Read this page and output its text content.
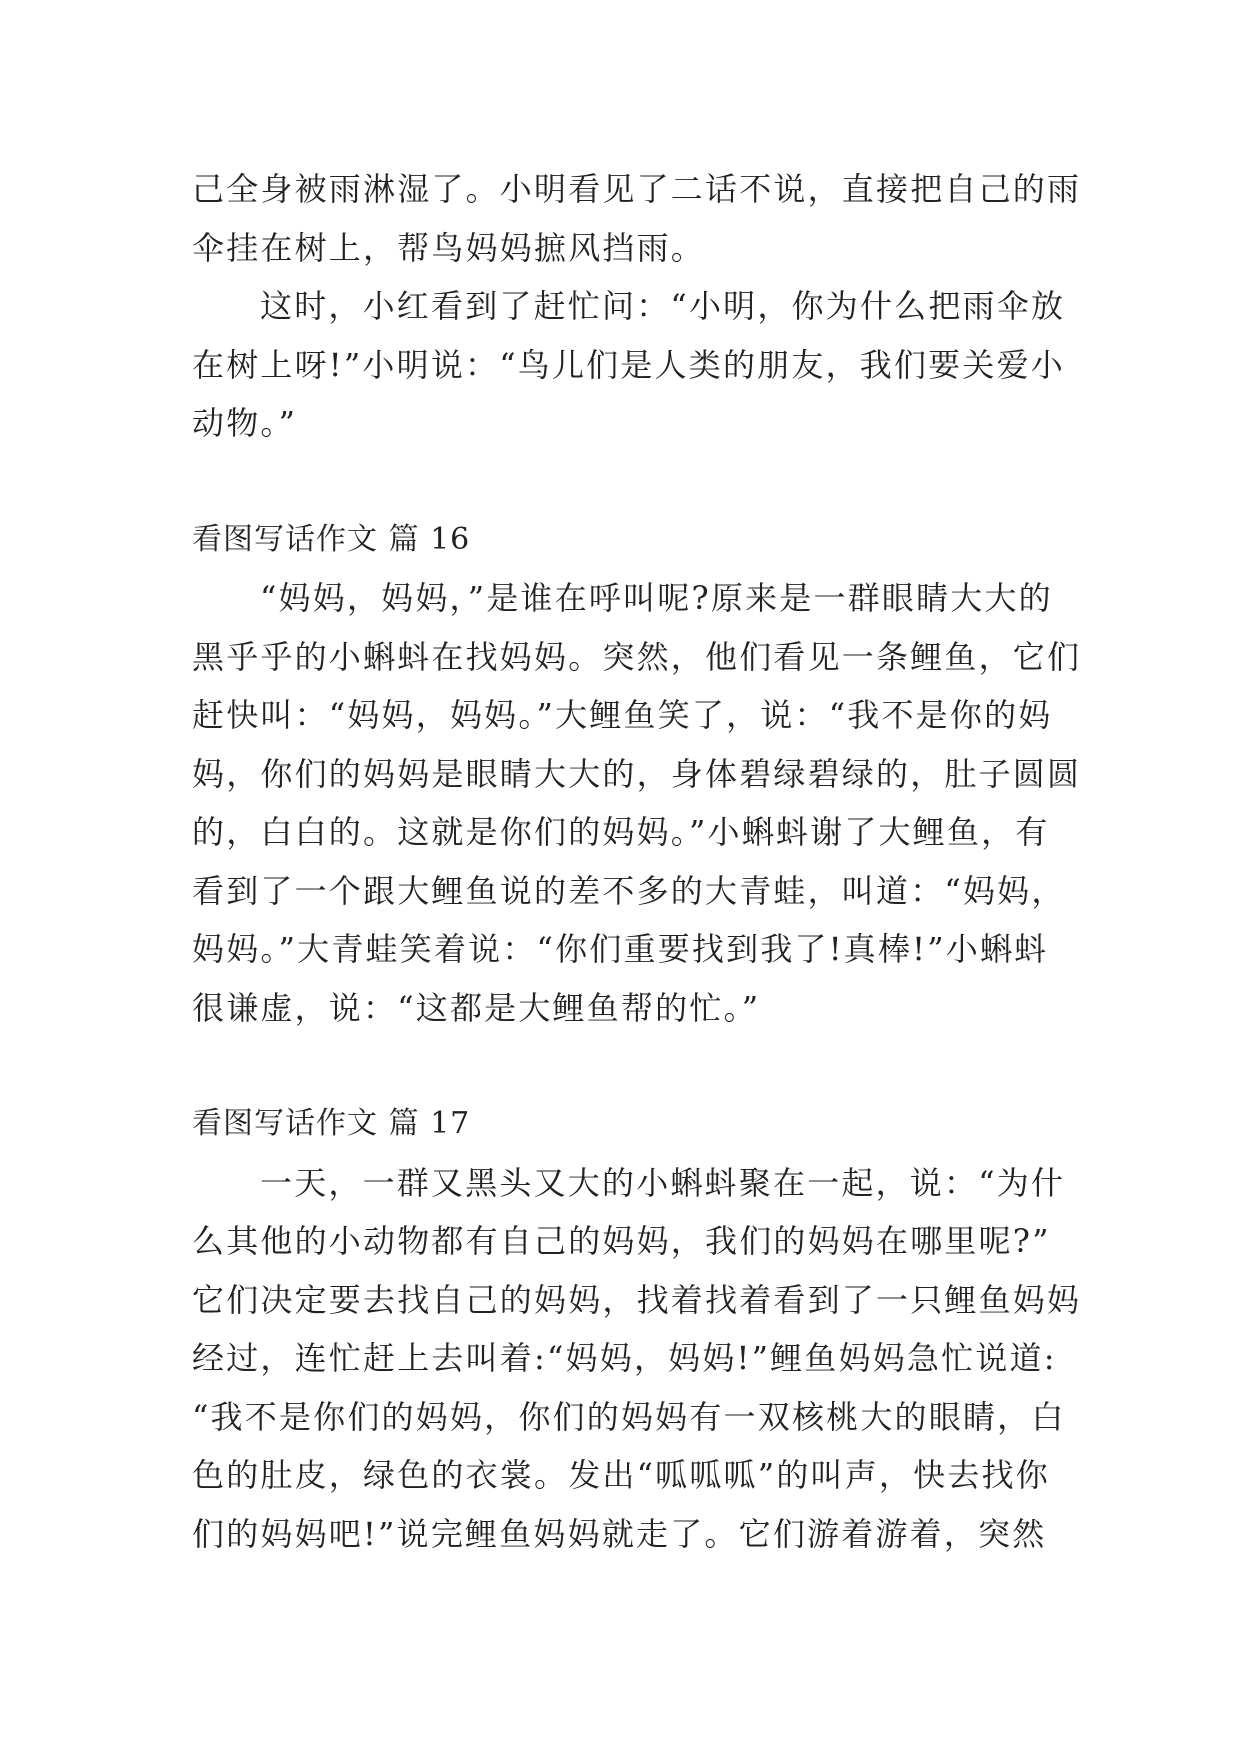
己全身被雨淋湿了。小明看见了二话不说，直接把自己的雨
伞挂在树上，帮鸟妈妈摭风挡雨。
这时，小红看到了赶忙问：“小明，你为什么把雨伞放
在树上呀!”小明说：“鸟儿们是人类的朋友，我们要关爱小
动物。”
看图写话作文 篇 16
“妈妈，妈妈，”是谁在呼叫呢?原来是一群眼睛大大的
黑乎乎的小蝌蚪在找妈妈。突然，他们看见一条鲤鱼，它们
赶快叫：“妈妈，妈妈。”大鲤鱼笑了，说：“我不是你的妈
妈，你们的妈妈是眼睛大大的，身体碧绿碧绿的，肚子圆圆
的，白白的。这就是你们的妈妈。”小蝌蚪谢了大鲤鱼，有
看到了一个跟大鲤鱼说的差不多的大青蛙，叫道：“妈妈，
妈妈。”大青蛙笑着说：“你们重要找到我了!真棒!”小蝌蚪
很谦虚，说：“这都是大鲤鱼帮的忙。”
看图写话作文 篇 17
一天，一群又黑头又大的小蝌蚪聚在一起，说：“为什
么其他的小动物都有自己的妈妈，我们的妈妈在哪里呢?”
它们决定要去找自己的妈妈，找着找着看到了一只鲤鱼妈妈
经过，连忙赶上去叫着:“妈妈，妈妈!”鲤鱼妈妈急忙说道:
“我不是你们的妈妈，你们的妈妈有一双核桃大的眼睛，白
色的肚皮，绿色的衣裳。发出“呱呱呱”的叫声，快去找你
们的妈妈吧!”说完鲤鱼妈妈就走了。它们游着游着，突然
